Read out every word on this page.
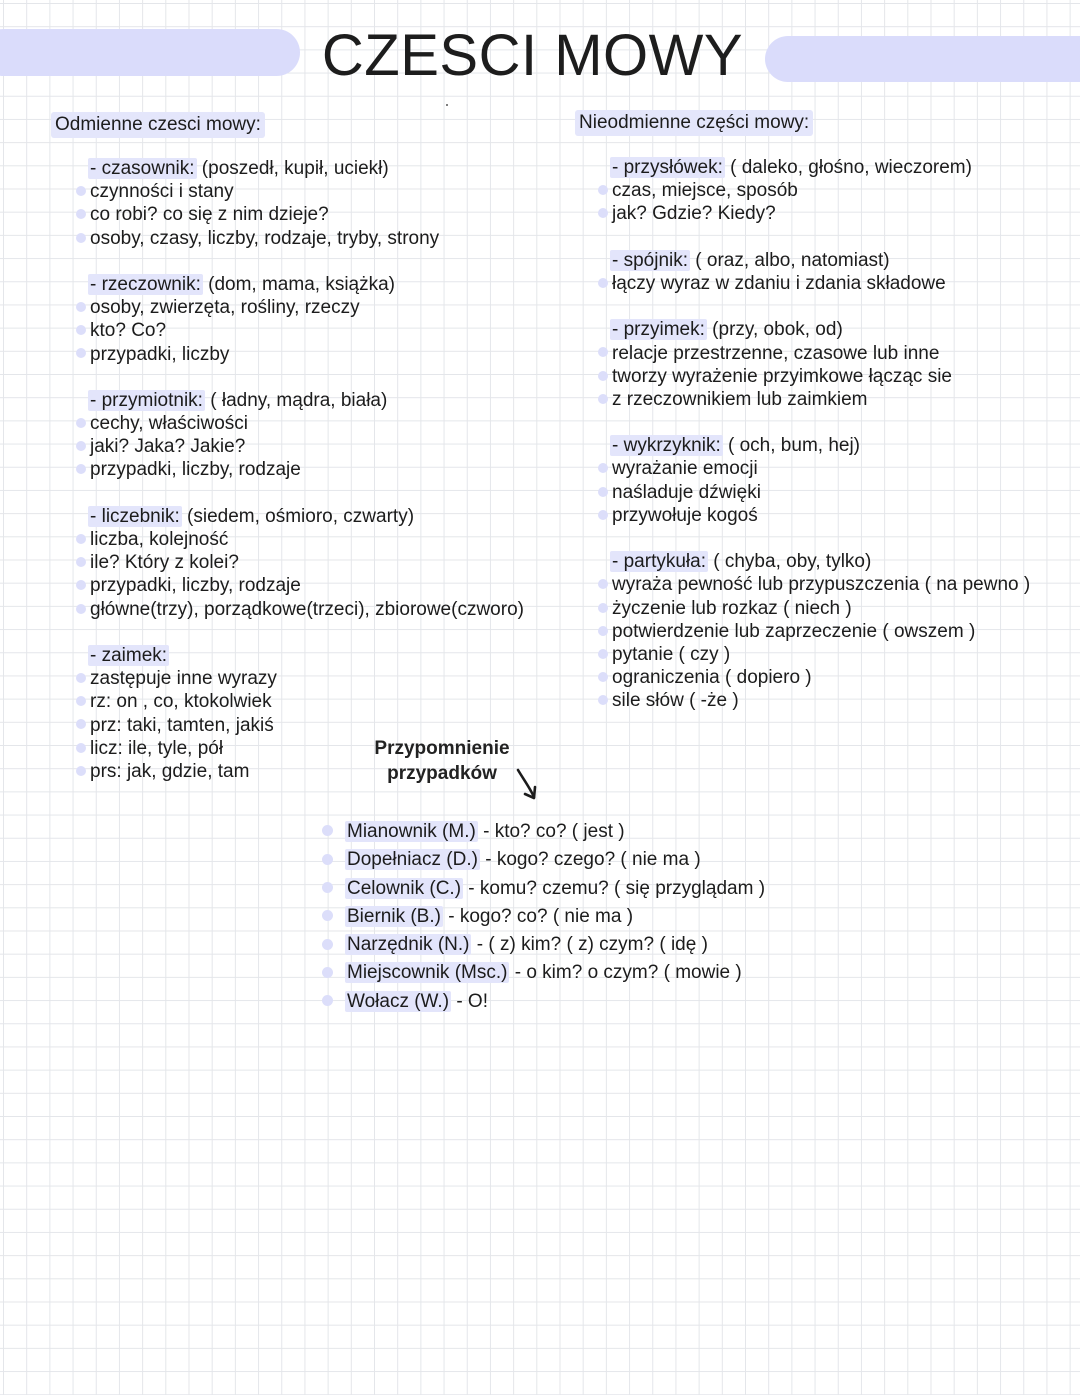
CZESCI MOWY
Odmienne czesci mowy:
- czasownik: (poszedł, kupił, uciekł)
czynności i stany
co robi? co się z nim dzieje?
osoby, czasy, liczby, rodzaje, tryby, strony
- rzeczownik: (dom, mama, książka)
osoby, zwierzęta, rośliny, rzeczy
kto? Co?
przypadki, liczby
- przymiotnik: ( ładny, mądra, biała)
cechy, właściwości
jaki? Jaka? Jakie?
przypadki, liczby, rodzaje
- liczebnik: (siedem, ośmioro, czwarty)
liczba, kolejność
ile? Który z kolei?
przypadki, liczby, rodzaje
główne(trzy), porządkowe(trzeci), zbiorowe(czworo)
- zaimek:
zastępuje inne wyrazy
rz: on , co, ktokolwiek
prz: taki, tamten, jakiś
licz: ile, tyle, pół
prs: jak, gdzie, tam
Nieodmienne części mowy:
- przysłówek: ( daleko, głośno, wieczorem)
czas, miejsce, sposób
jak? Gdzie? Kiedy?
- spójnik: ( oraz, albo, natomiast)
łączy wyraz w zdaniu i zdania składowe
- przyimek: (przy, obok, od)
relacje przestrzenne, czasowe lub inne
tworzy wyrażenie przyimkowe łącząc sie
z rzeczownikiem lub zaimkiem
- wykrzyknik: ( och, bum, hej)
wyrażanie emocji
naśladuje dźwięki
przywołuje kogoś
- partykuła: ( chyba, oby, tylko)
wyraża pewność lub przypuszczenia ( na pewno )
życzenie lub rozkaz ( niech )
potwierdzenie lub zaprzeczenie ( owszem )
pytanie ( czy )
ograniczenia ( dopiero )
sile słów ( -że )
Przypomnienie
przypadków
Mianownik (M.) - kto? co? ( jest )
Dopełniacz (D.) - kogo? czego? ( nie ma )
Celownik (C.) - komu? czemu? ( się przyglądam )
Biernik (B.) - kogo? co? ( nie ma )
Narzędnik (N.) - ( z) kim? ( z) czym? ( idę )
Miejscownik (Msc.) - o kim? o czym? ( mowie )
Wołacz (W.) - O!
